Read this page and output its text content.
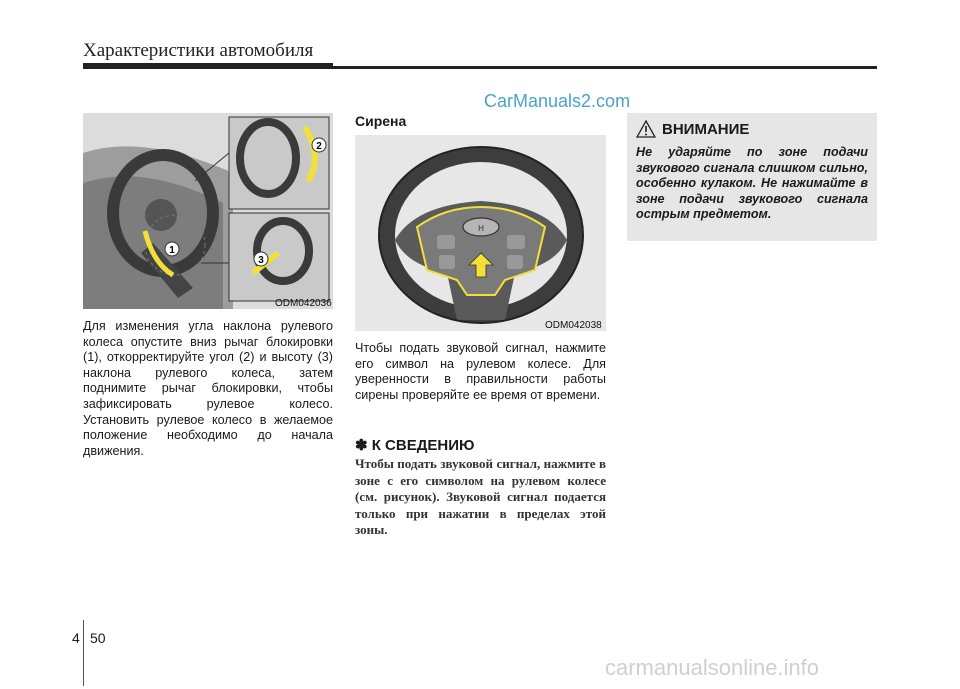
Характеристики автомобиля
CarManuals2.com
1
2
3
ODM042036
Для изменения угла наклона рулевого колеса опустите вниз рычаг блокировки (1), откорректируйте угол (2) и высоту (3) наклона рулевого колеса, затем поднимите рычаг блокировки, чтобы зафиксировать рулевое колесо. Установить рулевое колесо в желаемое положение необходимо до начала движения.
Сирена
H
ODM042038
Чтобы подать звуковой сигнал, нажмите его символ на рулевом колесе. Для уверенности в правильности работы сирены проверяйте ее время от времени.
✽ К СВЕДЕНИЮ
Чтобы подать звуковой сигнал, нажмите в зоне с его символом на рулевом колесе (см. рисунок). Звуковой сигнал подается только при нажатии в пределах этой зоны.
ВНИМАНИЕ
Не ударяйте по зоне подачи звукового сигнала слишком сильно, особенно кулаком. Не нажимайте в зоне подачи звукового сигнала острым предметом.
4 50
carmanualsonline.info
